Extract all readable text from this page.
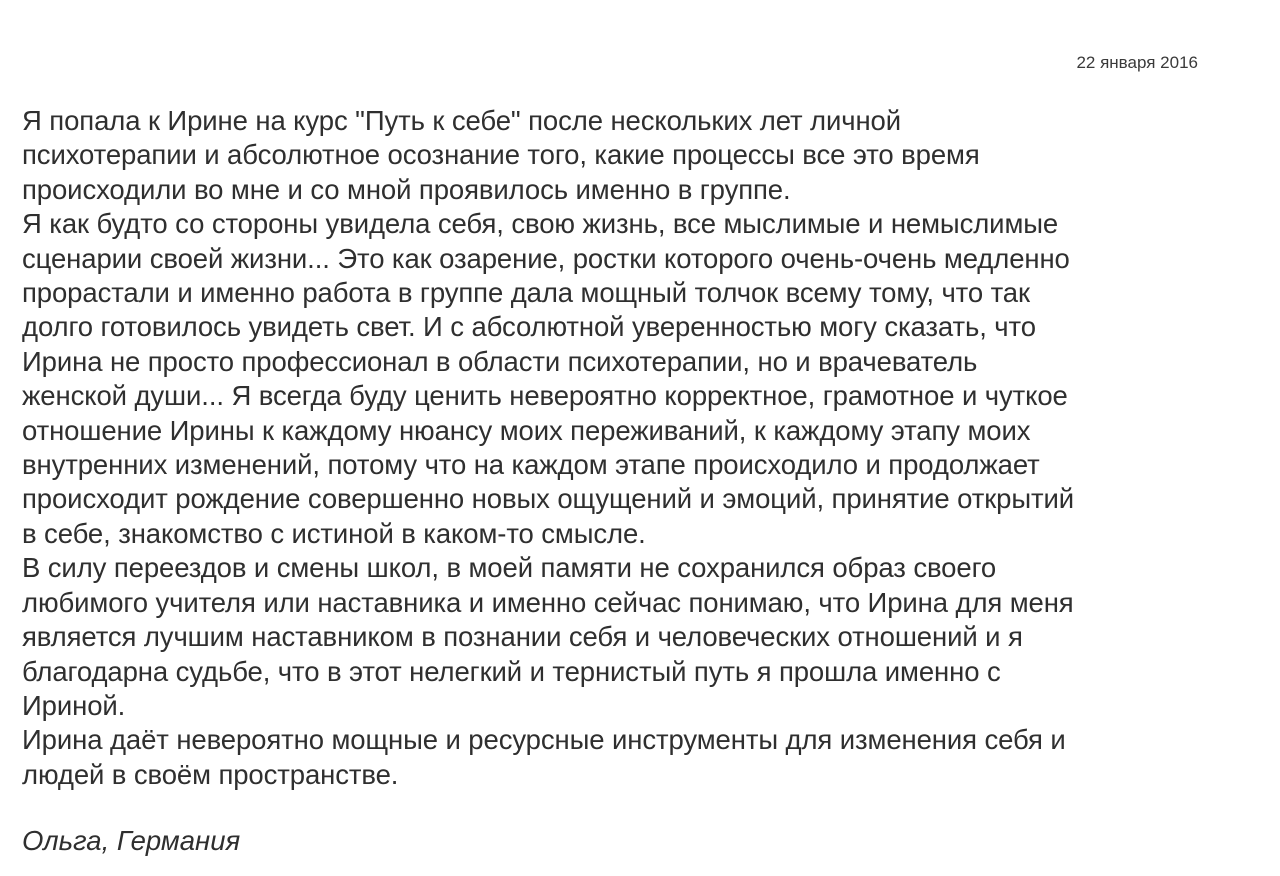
22 января 2016
Я попала к Ирине на курс "Путь к себе" после нескольких лет личной
психотерапии и абсолютное осознание того, какие процессы все это время
происходили во мне и со мной проявилось именно в группе.
Я как будто со стороны увидела себя, свою жизнь, все мыслимые и немыслимые
сценарии своей жизни... Это как озарение, ростки которого очень-очень медленно
прорастали и именно работа в группе дала мощный толчок всему тому, что так
долго готовилось увидеть свет. И с абсолютной уверенностью могу сказать, что
Ирина не просто профессионал в области психотерапии, но и врачеватель
женской души... Я всегда буду ценить невероятно корректное, грамотное и чуткое
отношение Ирины к каждому нюансу моих переживаний, к каждому этапу моих
внутренних изменений, потому что на каждом этапе происходило и продолжает
происходит рождение совершенно новых ощущений и эмоций, принятие открытий
в себе, знакомство с истиной в каком-то смысле.
В силу переездов и смены школ, в моей памяти не сохранился образ своего
любимого учителя или наставника и именно сейчас понимаю, что Ирина для меня
является лучшим наставником в познании себя и человеческих отношений и я
благодарна судьбе, что в этот нелегкий и тернистый путь я прошла именно с
Ириной.
Ирина даёт невероятно мощные и ресурсные инструменты для изменения себя и
людей в своём пространстве.
Ольга, Германия
